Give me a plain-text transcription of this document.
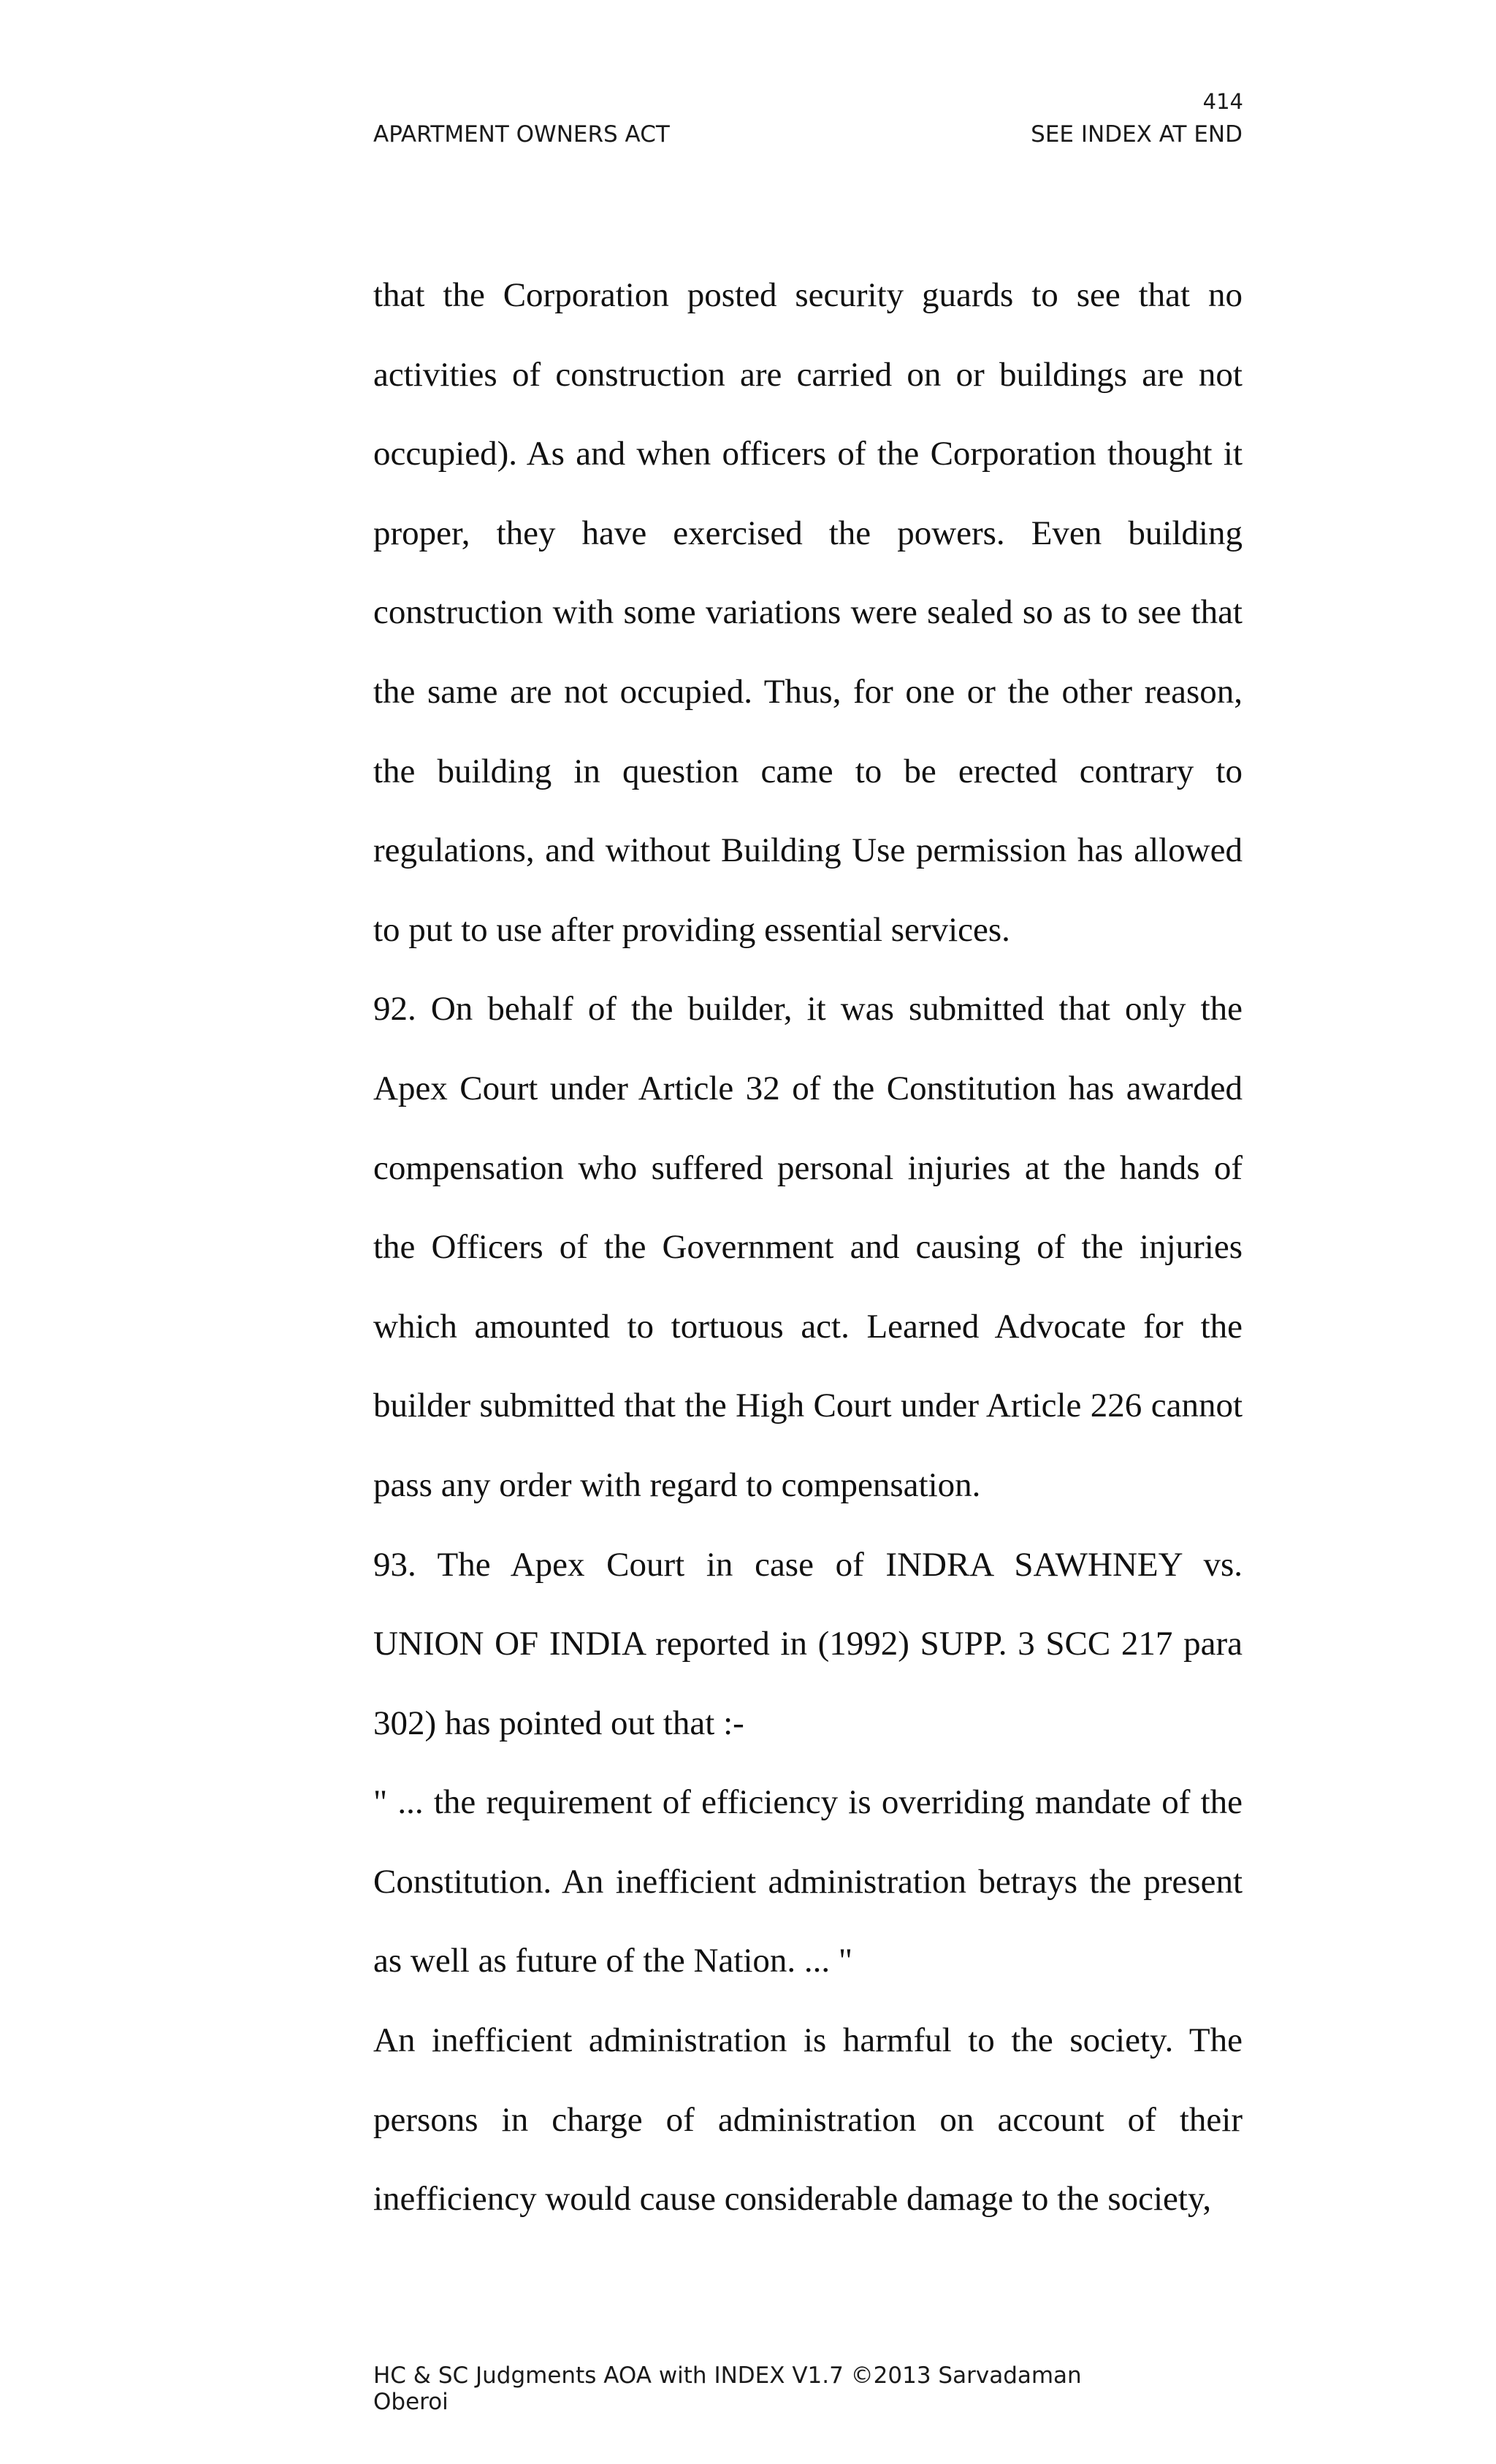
414

APARTMENT OWNERS ACT	SEE INDEX AT END

that the Corporation posted security guards to see that no activities of construction are carried on or buildings are not occupied). As and when officers of the Corporation thought it proper, they have exercised the powers. Even building construction with some variations were sealed so as to see that the same are not occupied. Thus, for one or the other reason, the building in question came to be erected contrary to regulations, and without Building Use permission has allowed to put to use after providing essential services.

92. On behalf of the builder, it was submitted that only the Apex Court under Article 32 of the Constitution has awarded compensation who suffered personal injuries at the hands of the Officers of the Government and causing of the injuries which amounted to tortuous act. Learned Advocate for the builder submitted that the High Court under Article 226 cannot pass any order with regard to compensation.

93. The Apex Court in case of INDRA SAWHNEY vs. UNION OF INDIA reported in (1992) SUPP. 3 SCC 217 para 302) has pointed out that :-

" ... the requirement of efficiency is overriding mandate of the Constitution. An inefficient administration betrays the present as well as future of the Nation. ... "

An inefficient administration is harmful to the society. The persons in charge of administration on account of their inefficiency would cause considerable damage to the society,

HC & SC Judgments AOA with INDEX V1.7 ©2013 Sarvadaman Oberoi
